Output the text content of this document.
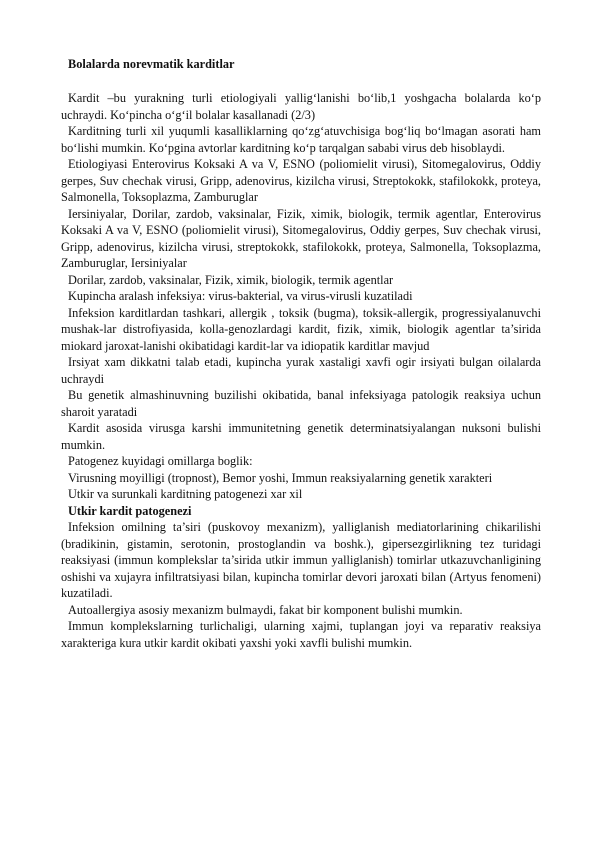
Bolalarda norevmatik karditlar

Kardit –bu yurakning turli etiologiyali yallig‘lanishi bo‘lib,1 yoshgacha bolalarda ko‘p uchraydi. Ko‘pincha o‘g‘il bolalar kasallanadi (2/3)

Karditning turli xil yuqumli kasalliklarning qo‘zg‘atuvchisiga bog‘liq bo‘lmagan asorati ham bo‘lishi mumkin. Ko‘pgina avtorlar karditning ko‘p tarqalgan sababi virus deb hisoblaydi.

Etiologiyasi Enterovirus Koksaki A va V, ESNO (poliomielit virusi), Sitomegalovirus, Oddiy gerpes, Suv chechak virusi, Gripp, adenovirus, kizilcha virusi, Streptokokk, stafilokokk, proteya, Salmonella, Toksoplazma, Zamburuglar

Iersiniyalar, Dorilar, zardob, vaksinalar, Fizik, ximik, biologik, termik agentlar, Enterovirus Koksaki A va V, ESNO (poliomielit virusi), Sitomegalovirus, Oddiy gerpes, Suv chechak virusi, Gripp, adenovirus, kizilcha virusi, streptokokk, stafilokokk, proteya, Salmonella, Toksoplazma, Zamburuglar, Iersiniyalar

Dorilar, zardob, vaksinalar, Fizik, ximik, biologik, termik agentlar

Kupincha aralash infeksiya: virus-bakterial, va virus-virusli kuzatiladi

Infeksion karditlardan tashkari, allergik , toksik (bugma), toksik-allergik, progressiyalanuvchi mushak-lar distrofiyasida, kolla-genozlardagi kardit, fizik, ximik, biologik agentlar ta’sirida miokard jaroxat-lanishi okibatidagi kardit-lar va idiopatik karditlar mavjud

Irsiyat xam dikkatni talab etadi, kupincha yurak xastaligi xavfi ogir irsiyati bulgan oilalarda uchraydi

Bu genetik almashinuvning buzilishi okibatida, banal infeksiyaga patologik reaksiya uchun sharoit yaratadi

Kardit asosida virusga karshi immunitetning genetik determinatsiyalangan nuksoni bulishi mumkin.

Patogenez kuyidagi omillarga boglik:

Virusning moyilligi (tropnost), Bemor yoshi, Immun reaksiyalarning genetik xarakteri

Utkir va surunkali karditning patogenezi xar xil

Utkir kardit patogenezi

Infeksion omilning ta’siri (puskovoy mexanizm), yalliglanish mediatorlarining chikarilishi (bradikinin, gistamin, serotonin, prostoglandin va boshk.), gipersezgirlikning tez turidagi reaksiyasi (immun komplekslar ta’sirida utkir immun yalliglanish) tomirlar utkazuvchanligining oshishi va xujayra infiltratsiyasi bilan, kupincha tomirlar devori jaroxati bilan (Artyus fenomeni) kuzatiladi.

Autoallergiya asosiy mexanizm bulmaydi, fakat bir komponent bulishi mumkin.

Immun komplekslarning turlichaligi, ularning xajmi, tuplangan joyi va reparativ reaksiya xarakteriga kura utkir kardit okibati yaxshi yoki xavfli bulishi mumkin.
